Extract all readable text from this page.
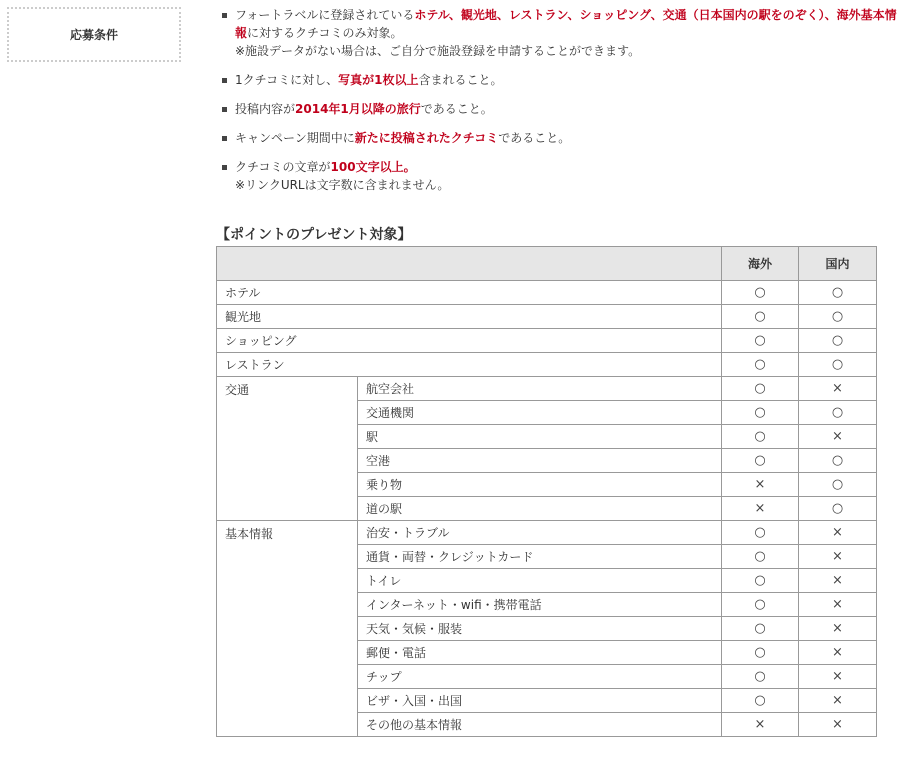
応募条件
フォートラベルに登録されているホテル、観光地、レストラン、ショッピング、交通（日本国内の駅をのぞく）、海外基本情報に対するクチコミのみ対象。
※施設データがない場合は、ご自分で施設登録を申請することができます。
1クチコミに対し、写真が1枚以上含まれること。
投稿内容が2014年1月以降の旅行であること。
キャンペーン期間中に新たに投稿されたクチコミであること。
クチコミの文章が100文字以上。
※リンクURLは文字数に含まれません。
【ポイントのプレゼント対象】
		海外	国内
ホテル		○	○
観光地		○	○
ショッピング		○	○
レストラン		○	○
交通	航空会社	○	×
	交通機関	○	○
	駅	○	×
	空港	○	○
	乗り物	×	○
	道の駅	×	○
基本情報	治安・トラブル	○	×
	通貨・両替・クレジットカード	○	×
	トイレ	○	×
	インターネット・wifi・携帯電話	○	×
	天気・気候・服装	○	×
	郵便・電話	○	×
	チップ	○	×
	ビザ・入国・出国	○	×
	その他の基本情報	×	×
